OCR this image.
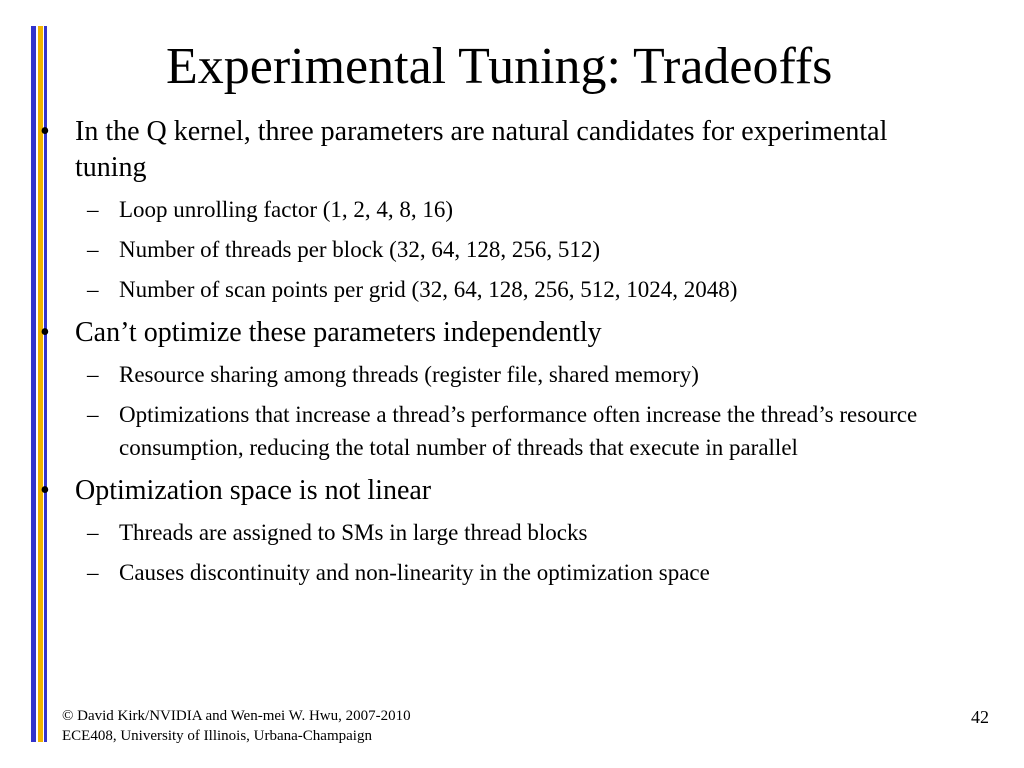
Experimental Tuning: Tradeoffs
• In the Q kernel, three parameters are natural candidates for experimental tuning
– Loop unrolling factor (1, 2, 4, 8, 16)
– Number of threads per block (32, 64, 128, 256, 512)
– Number of scan points per grid (32, 64, 128, 256, 512, 1024, 2048)
• Can’t optimize these parameters independently
– Resource sharing among threads (register file, shared memory)
– Optimizations that increase a thread’s performance often increase the thread’s resource consumption, reducing the total number of threads that execute in parallel
• Optimization space is not linear
– Threads are assigned to SMs in large thread blocks
– Causes discontinuity and non-linearity in the optimization space
© David Kirk/NVIDIA and Wen-mei W. Hwu, 2007-2010
ECE408, University of Illinois, Urbana-Champaign
42
